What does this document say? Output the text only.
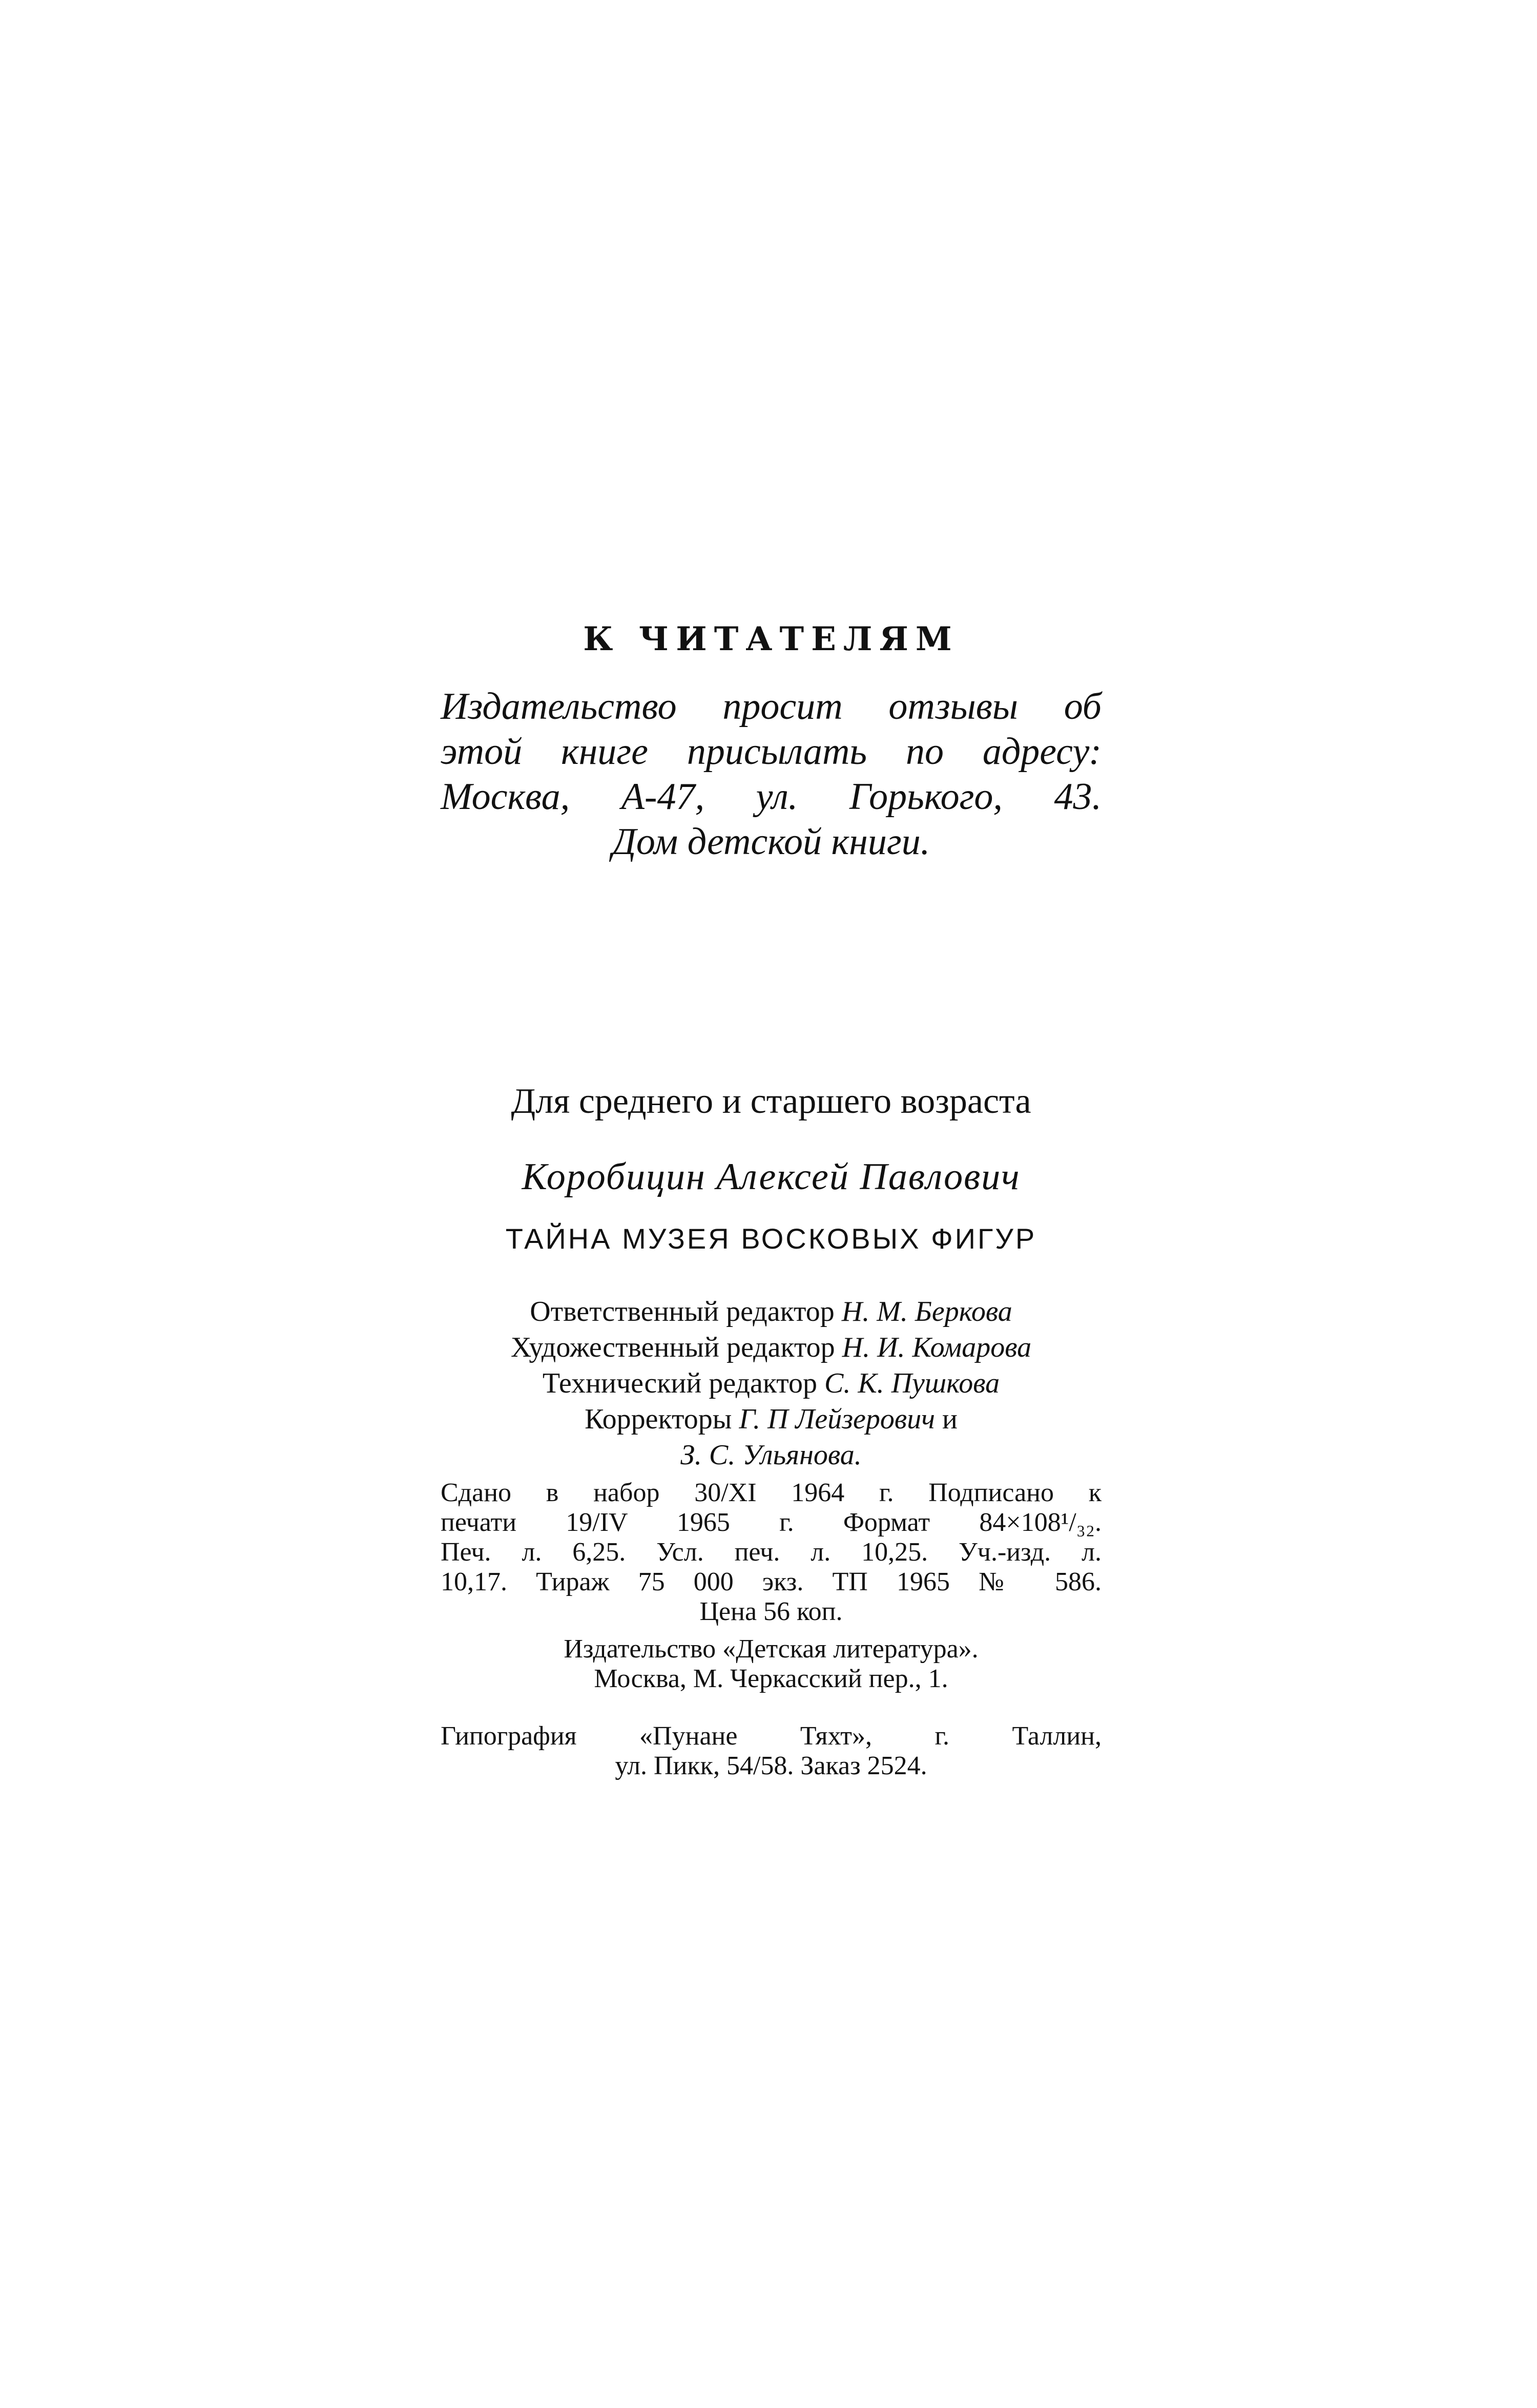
К ЧИТАТЕЛЯМ
Издательство просит отзывы об
этой книге присылать по адресу:
Москва, А-47, ул. Горького, 43.
Дом детской книги.
Для среднего и старшего возраста
Коробицин Алексей Павлович
ТАЙНА МУЗЕЯ ВОСКОВЫХ ФИГУР
Ответственный редактор Н. М. Беркова
Художественный редактор Н. И. Комарова
Технический редактор С. К. Пушкова
Корректоры Г. П Лейзерович и
З. С. Ульянова.
Сдано в набор 30/XI 1964 г. Подписано к
печати 19/IV 1965 г. Формат 84×108¹/₃₂.
Печ. л. 6,25. Усл. печ. л. 10,25. Уч.-изд. л.
10,17. Тираж 75 000 экз. ТП 1965 № 586.
Цена 56 коп.
Издательство «Детская литература».
Москва, М. Черкасский пер., 1.
Гипография «Пунане Тяхт», г. Таллин,
ул. Пикк, 54/58. Заказ 2524.
